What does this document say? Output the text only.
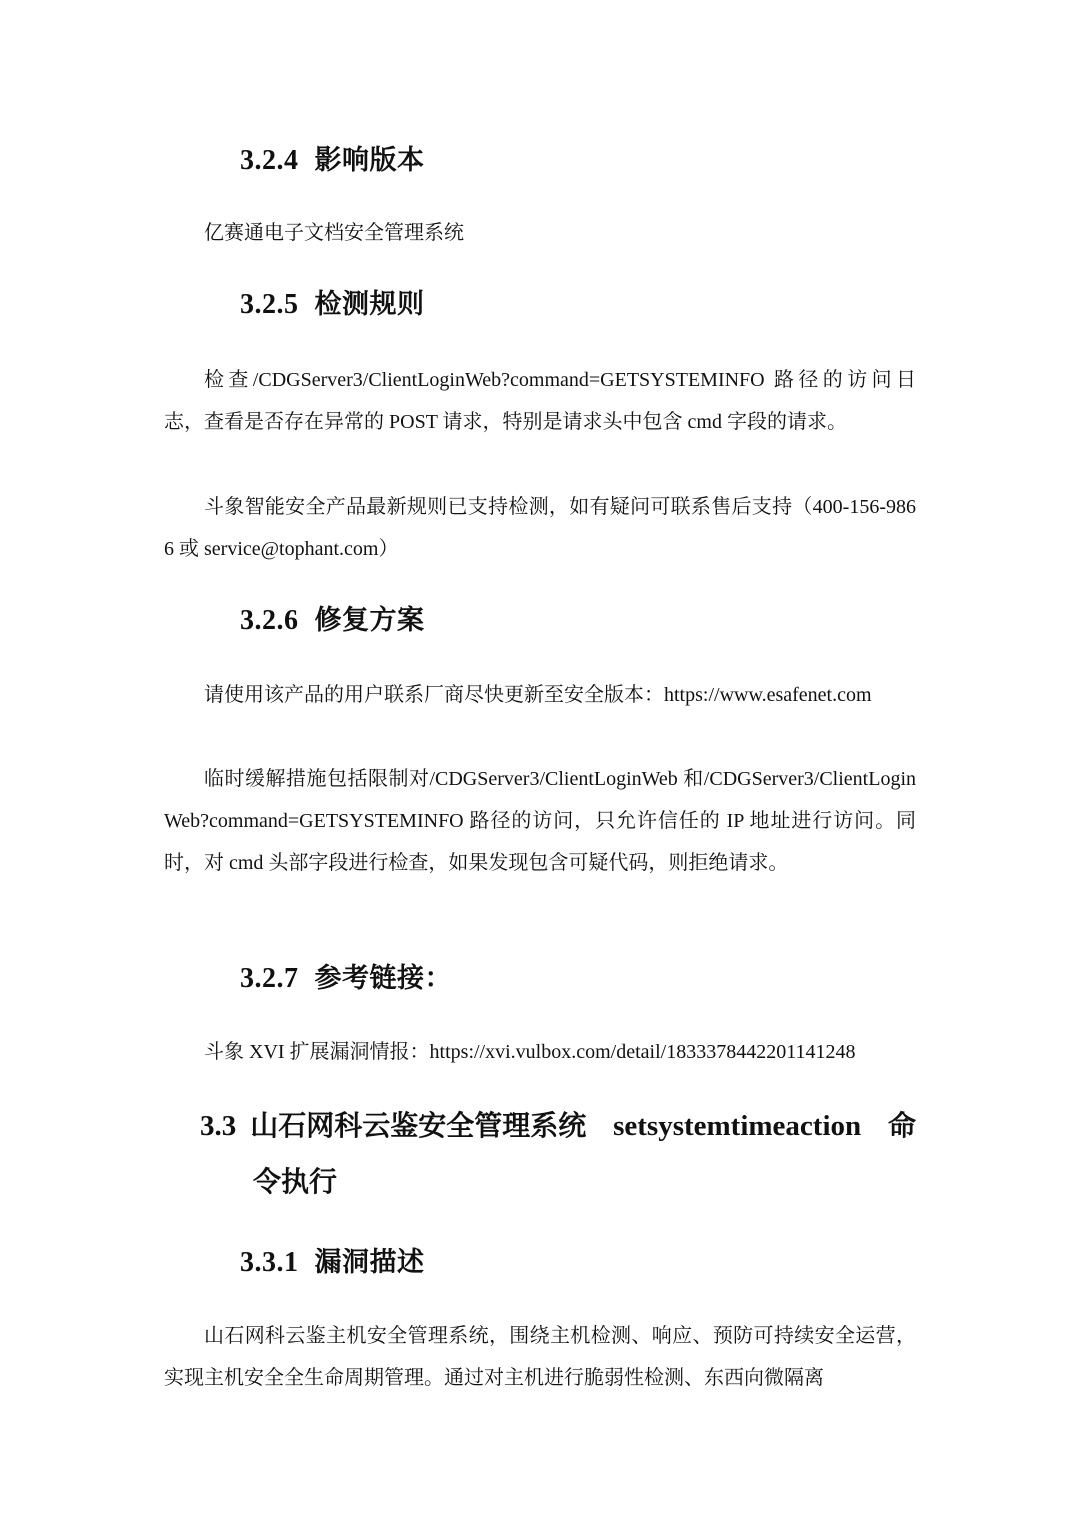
3.2.4 影响版本

亿赛通电子文档安全管理系统

3.2.5 检测规则

检查/CDGServer3/ClientLoginWeb?command=GETSYSTEMINFO 路径的访问日志，查看是否存在异常的 POST 请求，特别是请求头中包含 cmd 字段的请求。

斗象智能安全产品最新规则已支持检测，如有疑问可联系售后支持（400-156-9866 或 service@tophant.com）

3.2.6 修复方案

请使用该产品的用户联系厂商尽快更新至安全版本：https://www.esafenet.com

临时缓解措施包括限制对/CDGServer3/ClientLoginWeb 和/CDGServer3/ClientLoginWeb?command=GETSYSTEMINFO 路径的访问，只允许信任的 IP 地址进行访问。同时，对 cmd 头部字段进行检查，如果发现包含可疑代码，则拒绝请求。

3.2.7 参考链接：

斗象 XVI 扩展漏洞情报：https://xvi.vulbox.com/detail/1833378442201141248

3.3 山石网科云鉴安全管理系统 setsystemtimeaction 命
令执行
3.3.1 漏洞描述

山石网科云鉴主机安全管理系统，围绕主机检测、响应、预防可持续安全运营，实现主机安全全生命周期管理。通过对主机进行脆弱性检测、东西向微隔离
